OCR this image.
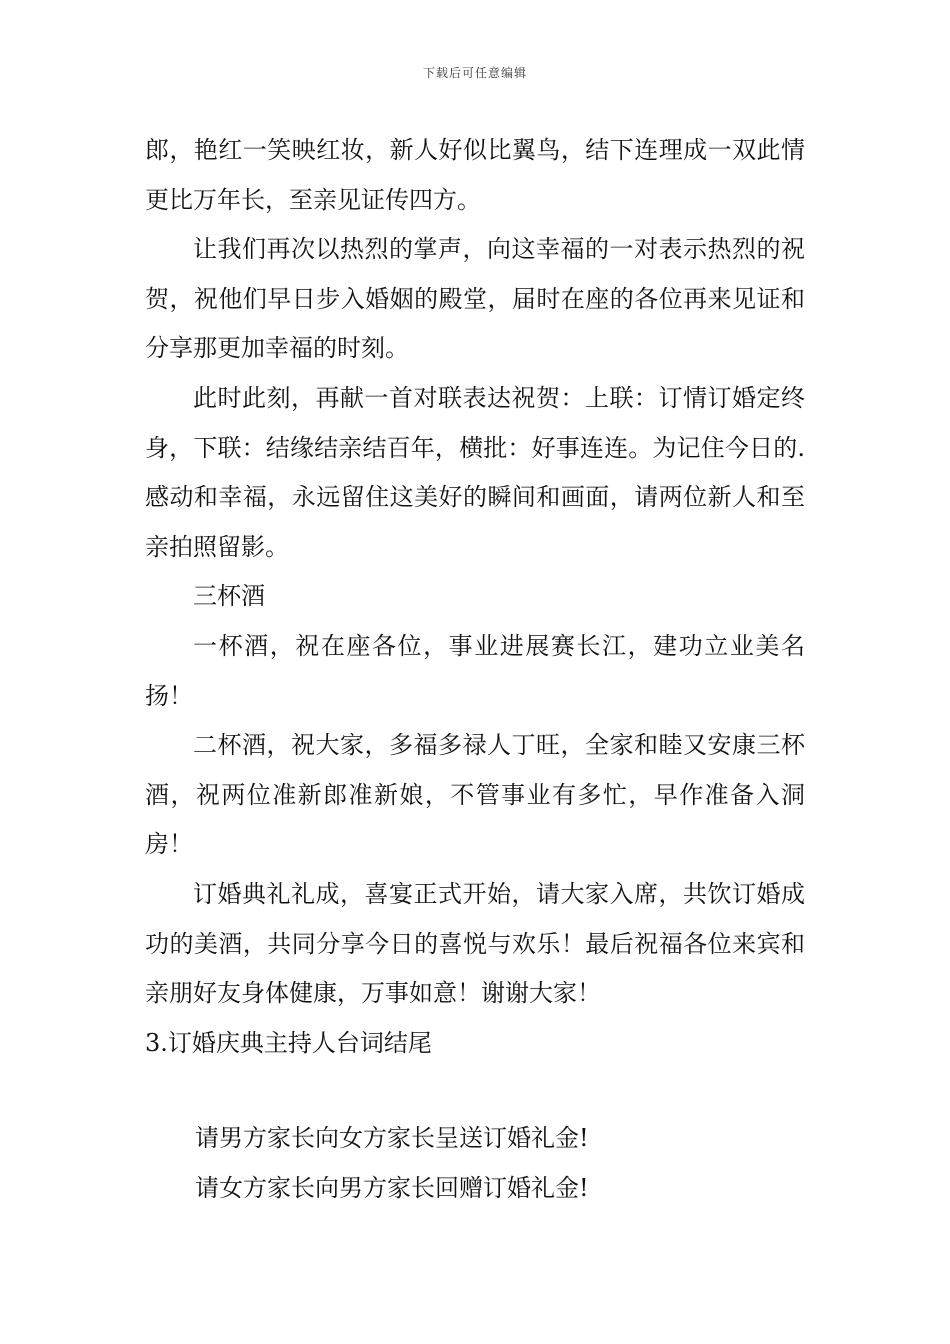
下载后可任意编辑

郎，艳红一笑映红妆，新人好似比翼鸟，结下连理成一双此情更比万年长，至亲见证传四方。

让我们再次以热烈的掌声，向这幸福的一对表示热烈的祝贺，祝他们早日步入婚姻的殿堂，届时在座的各位再来见证和分享那更加幸福的时刻。

此时此刻，再献一首对联表达祝贺：上联：订情订婚定终身，下联：结缘结亲结百年，横批：好事连连。为记住今日的.感动和幸福，永远留住这美好的瞬间和画面，请两位新人和至亲拍照留影。

三杯酒

一杯酒，祝在座各位，事业进展赛长江，建功立业美名扬！

二杯酒，祝大家，多福多禄人丁旺，全家和睦又安康三杯酒，祝两位准新郎准新娘，不管事业有多忙，早作准备入洞房！

订婚典礼礼成，喜宴正式开始，请大家入席，共饮订婚成功的美酒，共同分享今日的喜悦与欢乐！最后祝福各位来宾和亲朋好友身体健康，万事如意！谢谢大家！

3.订婚庆典主持人台词结尾

请男方家长向女方家长呈送订婚礼金!

请女方家长向男方家长回赠订婚礼金!
